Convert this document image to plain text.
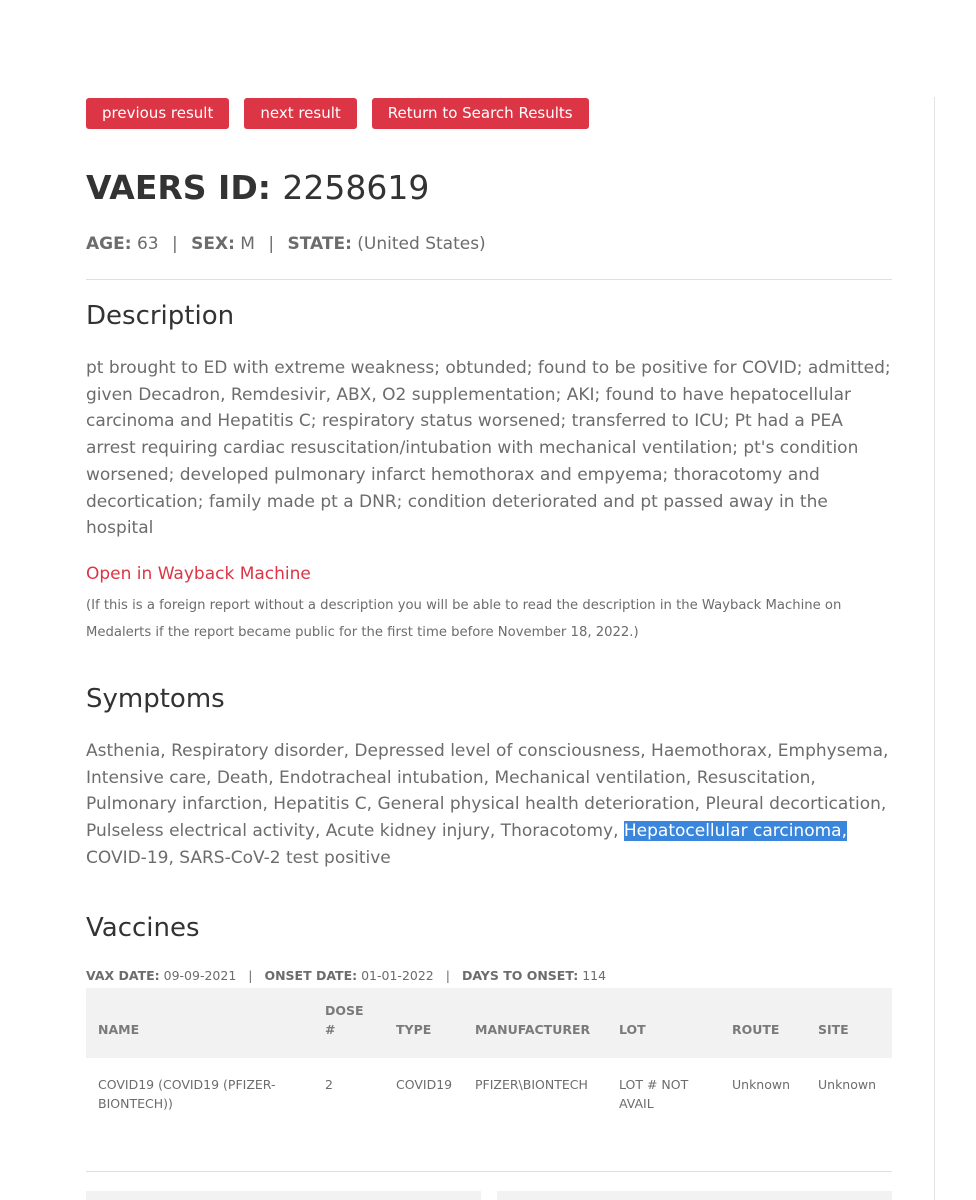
previous result	next result	Return to Search Results
VAERS ID: 2258619
AGE: 63 | SEX: M | STATE: (United States)
Description

pt brought to ED with extreme weakness; obtunded; found to be positive for COVID; admitted; given Decadron, Remdesivir, ABX, O2 supplementation; AKI; found to have hepatocellular carcinoma and Hepatitis C; respiratory status worsened; transferred to ICU; Pt had a PEA arrest requiring cardiac resuscitation/intubation with mechanical ventilation; pt's condition worsened; developed pulmonary infarct hemothorax and empyema; thoracotomy and decortication; family made pt a DNR; condition deteriorated and pt passed away in the hospital

Open in Wayback Machine

(If this is a foreign report without a description you will be able to read the description in the Wayback Machine on Medalerts if the report became public for the first time before November 18, 2022.)

Symptoms

Asthenia, Respiratory disorder, Depressed level of consciousness, Haemothorax, Emphysema, Intensive care, Death, Endotracheal intubation, Mechanical ventilation, Resuscitation, Pulmonary infarction, Hepatitis C, General physical health deterioration, Pleural decortication, Pulseless electrical activity, Acute kidney injury, Thoracotomy, Hepatocellular carcinoma, COVID-19, SARS-CoV-2 test positive

Vaccines
VAX DATE: 09-09-2021 | ONSET DATE: 01-01-2022 | DAYS TO ONSET: 114
NAME	DOSE #	TYPE	MANUFACTURER	LOT	ROUTE	SITE
COVID19 (COVID19 (PFIZER-BIONTECH))	2	COVID19	PFIZER\BIONTECH	LOT # NOT AVAIL	Unknown	Unknown
